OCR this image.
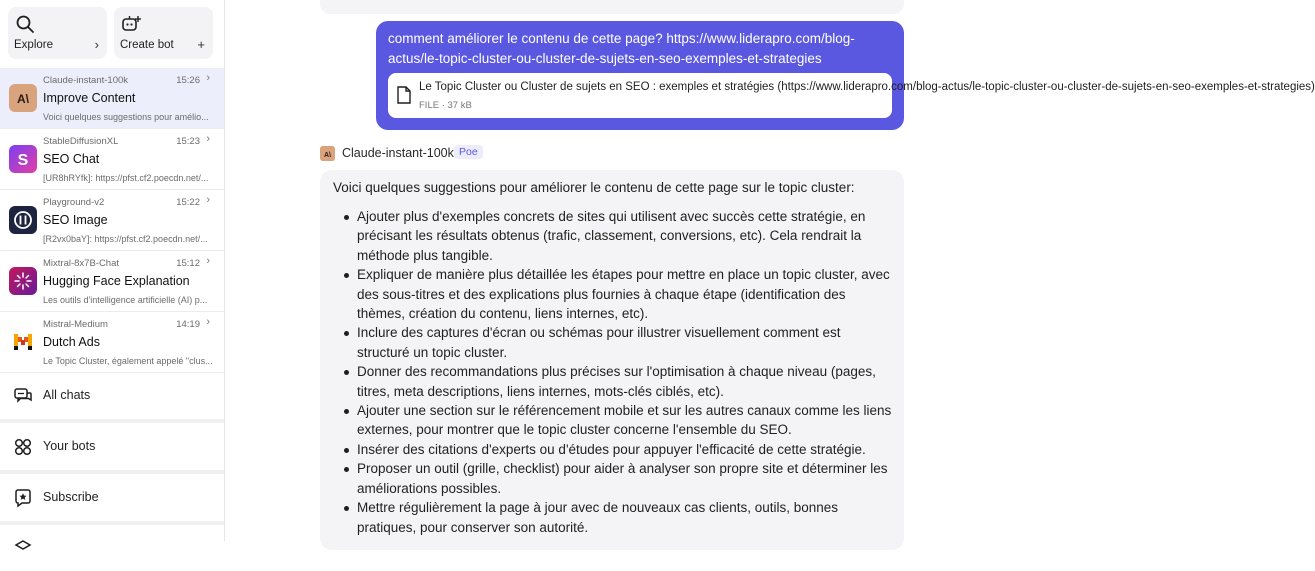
Explore	› Create bot +
A\
Claude-instant-100k	15:26 ›
Improve Content
Voici quelques suggestions pour amélio...
S
StableDiffusionXL	15:23 ›
SEO Chat
[UR8hRYfk]: https://pfst.cf2.poecdn.net/...
Playground-v2	15:22 ›
SEO Image
[R2vx0baY]: https://pfst.cf2.poecdn.net/...
Mixtral-8x7B-Chat	15:12 ›
Hugging Face Explanation
Les outils d'intelligence artificielle (AI) p...
Mistral-Medium	14:19 ›
Dutch Ads
Le Topic Cluster, également appelé "clus...
All chats
Your bots
Subscribe
comment améliorer le contenu de cette page? https://www.liderapro.com/blog-actus/le-topic-cluster-ou-cluster-de-sujets-en-seo-exemples-et-strategies
Le Topic Cluster ou Cluster de sujets en SEO : exemples et stratégies (https://www.liderapro.com/blog-actus/le-topic-cluster-ou-cluster-de-sujets-en-seo-exemples-et-strategies)
FILE · 37 kB
A\ Claude-instant-100k Poe
Voici quelques suggestions pour améliorer le contenu de cette page sur le topic cluster:
Ajouter plus d'exemples concrets de sites qui utilisent avec succès cette stratégie, en précisant les résultats obtenus (trafic, classement, conversions, etc). Cela rendrait la méthode plus tangible.
Expliquer de manière plus détaillée les étapes pour mettre en place un topic cluster, avec des sous-titres et des explications plus fournies à chaque étape (identification des thèmes, création du contenu, liens internes, etc).
Inclure des captures d'écran ou schémas pour illustrer visuellement comment est structuré un topic cluster.
Donner des recommandations plus précises sur l'optimisation à chaque niveau (pages, titres, meta descriptions, liens internes, mots-clés ciblés, etc).
Ajouter une section sur le référencement mobile et sur les autres canaux comme les liens externes, pour montrer que le topic cluster concerne l'ensemble du SEO.
Insérer des citations d'experts ou d'études pour appuyer l'efficacité de cette stratégie.
Proposer un outil (grille, checklist) pour aider à analyser son propre site et déterminer les améliorations possibles.
Mettre régulièrement la page à jour avec de nouveaux cas clients, outils, bonnes pratiques, pour conserver son autorité.
